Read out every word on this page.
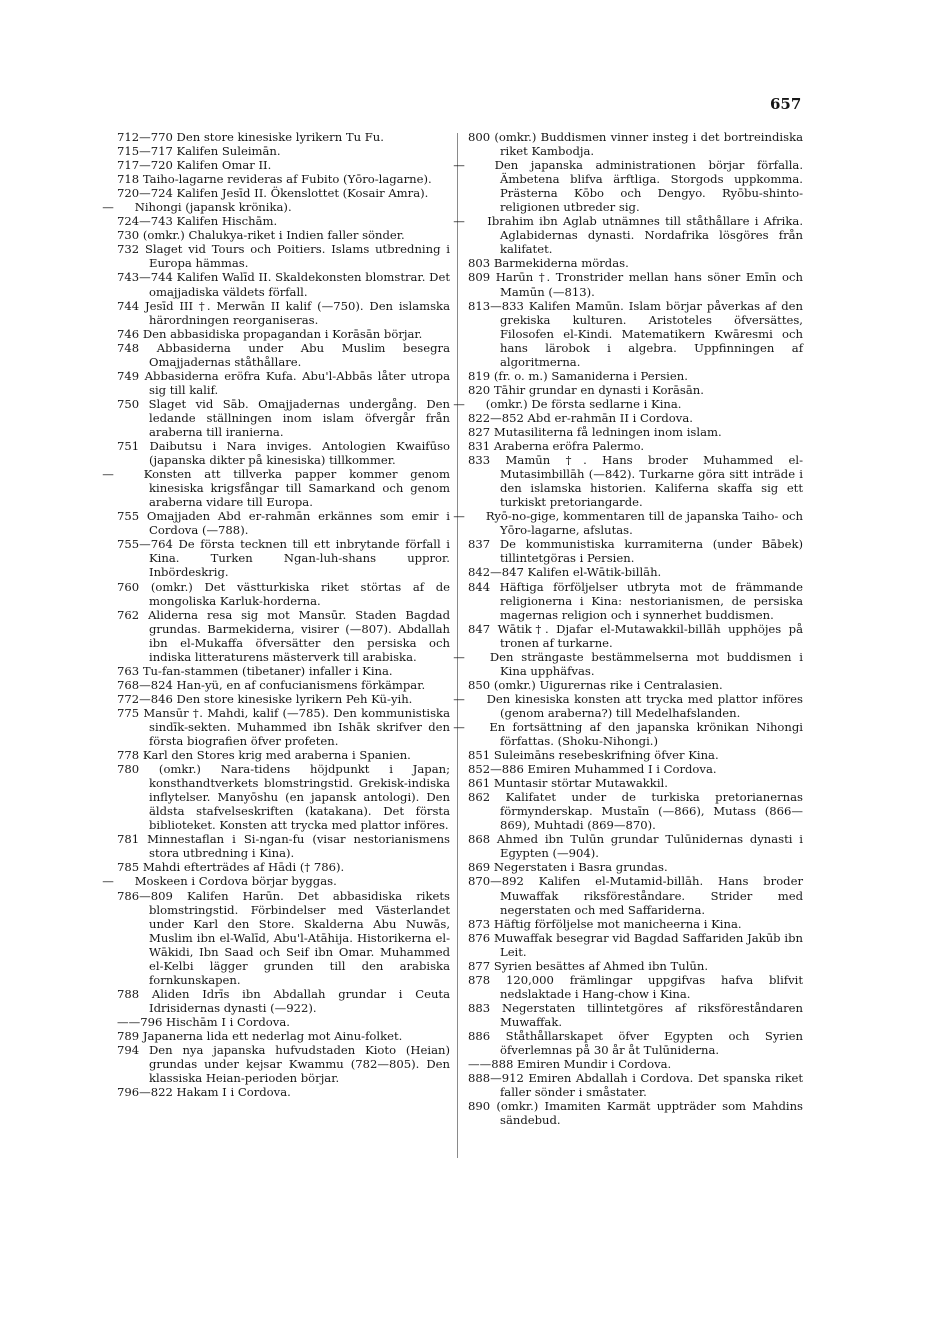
657

712—770 Den store kinesiske lyrikern Tu Fu.

715—717 Kalifen Suleimān.

717—720 Kalifen Omar II.

718 Taiho-lagarne revideras af Fubito (Yōro-lagarne).

720—724 Kalifen Jesīd II. Ökenslottet (Kosair Amra).

— Nihongi (japansk krönika).

724—743 Kalifen Hischām.

730 (omkr.) Chalukya-riket i Indien faller sönder.

732 Slaget vid Tours och Poitiers. Islams utbredning i Europa hämmas.

743—744 Kalifen Walīd II. Skaldekonsten blomstrar. Det omajjadiska väldets förfall.

744 Jesīd III †. Merwān II kalif (—750). Den islamska härordningen reorganiseras.

746 Den abbasidiska propagandan i Korāsān börjar.

748 Abbasiderna under Abu Muslim besegra Omajjadernas ståthållare.

749 Abbasiderna eröfra Kufa. Abu'l-Abbās låter utropa sig till kalif.

750 Slaget vid Sāb. Omajjadernas undergång. Den ledande ställningen inom islam öfvergår från araberna till iranierna.

751 Daibutsu i Nara inviges. Antologien Kwaifūso (japanska dikter på kinesiska) tillkommer.

—	Konsten att tillverka papper kommer genom kinesiska krigsfångar till Samarkand och genom araberna vidare till Europa.

755 Omajjaden Abd er-rahmān erkännes som emir i Cordova (—788).

755—764 De första tecknen till ett inbrytande förfall i Kina. Turken Ngan-luh-shans uppror. Inbördeskrig.

760 (omkr.) Det västturkiska riket störtas af de mongoliska Karluk-horderna.

762 Aliderna resa sig mot Mansūr. Staden Bagdad grundas. Barmekiderna, visirer (—807). Abdallah ibn el-Mukaffa öfversätter den persiska och indiska litteraturens mästerverk till arabiska.

763 Tu-fan-stammen (tibetaner) infaller i Kina.

768—824 Han-yü, en af confucianismens förkämpar.

772—846 Den store kinesiske lyrikern Peh Kü-yih.

775 Mansūr †. Mahdi, kalif (—785). Den kommunistiska sindīk-sekten. Muhammed ibn Ishāk skrifver den första biografien öfver profeten.

778 Karl den Stores krig med araberna i Spanien.

780 (omkr.) Nara-tidens höjdpunkt i Japan; konsthandtverkets blomstringstid. Grekisk-indiska inflytelser. Manyōshu (en japansk antologi). Den äldsta stafvelseskriften (katakana). Det första biblioteket. Konsten att trycka med plattor införes.

781 Minnestaflan i Si-ngan-fu (visar nestorianismens stora utbredning i Kina).

785 Mahdi efterträdes af Hādi († 786).

— Moskeen i Cordova börjar byggas.

786—809 Kalifen Harūn. Det abbasidiska rikets blomstringstid. Förbindelser med Västerlandet under Karl den Store. Skalderna Abu Nuwās, Muslim ibn el-Walīd, Abu'l-Atāhija. Historikerna el-Wākidi, Ibn Saad och Seif ibn Omar. Muhammed el-Kelbi lägger grunden till den arabiska fornkunskapen.

788 Aliden Idrīs ibn Abdallah grundar i Ceuta Idrisidernas dynasti (—922).

——796 Hischām I i Cordova.

789 Japanerna lida ett nederlag mot Ainu-folket.

794 Den nya japanska hufvudstaden Kioto (Heian) grundas under kejsar Kwammu (782—805). Den klassiska Heian-perioden börjar.

796—822 Hakam I i Cordova.

800 (omkr.) Buddismen vinner insteg i det bortreindiska riket Kambodja.

—	Den japanska administrationen börjar förfalla. Ämbetena blifva ärftliga. Storgods uppkomma. Prästerna Kōbo och Dengyo. Ryōbu-shinto-religionen utbreder sig.

— Ibrahim ibn Aglab utnämnes till ståthållare i Afrika. Aglabidernas dynasti. Nordafrika lösgöres från kalifatet.

803 Barmekiderna mördas.

809 Harūn †. Tronstrider mellan hans söner Emīn och Mamūn (—813).

813—833 Kalifen Mamūn. Islam börjar påverkas af den grekiska kulturen. Aristoteles öfversättes, Filosofen el-Kindi. Matematikern Kwāresmi och hans lärobok i algebra. Uppfinningen af algoritmerna.

819 (fr. o. m.) Samaniderna i Persien.

820 Tāhir grundar en dynasti i Korāsān.

— (omkr.) De första sedlarne i Kina.

822—852 Abd er-rahmān II i Cordova.

827 Mutasiliterna få ledningen inom islam.

831 Araberna eröfra Palermo.

833 Mamūn †. Hans broder Muhammed el-Mutasimbillāh (—842). Turkarne göra sitt inträde i den islamska historien. Kaliferna skaffa sig ett turkiskt pretoriangarde.

— Ryō-no-gige, kommentaren till de japanska Taiho- och Yōro-lagarne, afslutas.

837 De kommunistiska kurramiterna (under Bābek) tillintetgöras i Persien.

842—847 Kalifen el-Wātik-billāh.

844 Häftiga förföljelser utbryta mot de främmande religionerna i Kina: nestorianismen, de persiska magernas religion och i synnerhet buddismen.

847 Wātik†. Djafar el-Mutawakkil-billāh upphöjes på tronen af turkarne.

— Den strängaste bestämmelserna mot buddismen i Kina upphäfvas.

850 (omkr.) Uigurernas rike i Centralasien.

— Den kinesiska konsten att trycka med plattor införes (genom araberna?) till Medelhafslanden.

— En fortsättning af den japanska krönikan Nihongi författas. (Shoku-Nihongi.)

851 Suleimāns resebeskrifning öfver Kina.

852—886 Emiren Muhammed I i Cordova.

861 Muntasir störtar Mutawakkil.

862 Kalifatet under de turkiska pretorianernas förmynderskap. Mustaīn (—866), Mutass (866—869), Muhtadi (869—870).

868 Ahmed ibn Tulūn grundar Tulūnidernas dynasti i Egypten (—904).

869 Negerstaten i Basra grundas.

870—892 Kalifen el-Mutamid-billāh. Hans broder Muwaffak riksföreståndare. Strider med negerstaten och med Saffariderna.

873 Häftig förföljelse mot manicheerna i Kina.

876 Muwaffak besegrar vid Bagdad Saffariden Jakūb ibn Leit.

877 Syrien besättes af Ahmed ibn Tulūn.

878 120,000 främlingar uppgifvas hafva blifvit nedslaktade i Hang-chow i Kina.

883 Negerstaten tillintetgöres af riksföreståndaren Muwaffak.

886 Ståthållarskapet öfver Egypten och Syrien öfverlemnas på 30 år åt Tulūniderna.

——888 Emiren Mundir i Cordova.

888—912 Emiren Abdallah i Cordova. Det spanska riket faller sönder i småstater.

890 (omkr.) Imamiten Karmät uppträder som Mahdins sändebud.
